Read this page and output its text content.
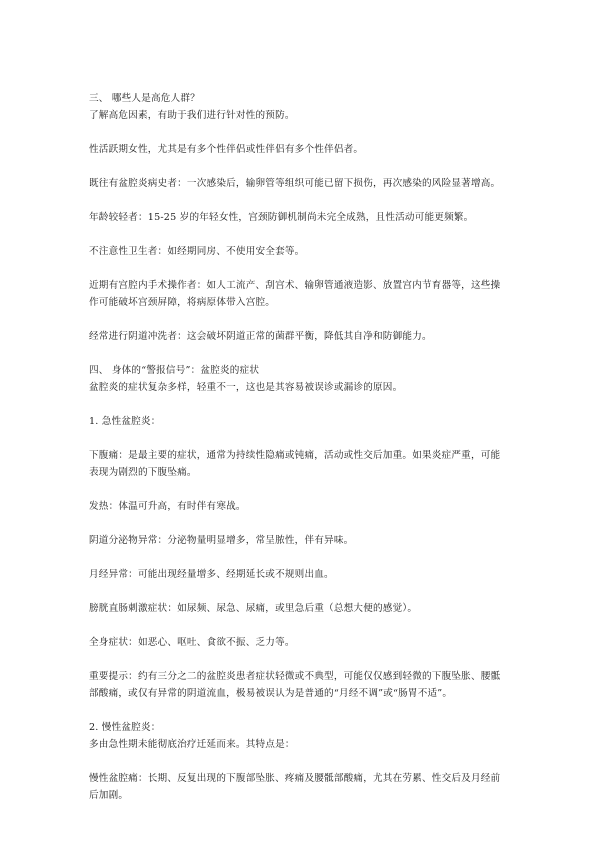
三、 哪些人是高危人群？

了解高危因素，有助于我们进行针对性的预防。

性活跃期女性，尤其是有多个性伴侣或性伴侣有多个性伴侣者。

既往有盆腔炎病史者：一次感染后，输卵管等组织可能已留下损伤，再次感染的风险显著增高。

年龄较轻者：15-25 岁的年轻女性，宫颈防御机制尚未完全成熟，且性活动可能更频繁。

不注意性卫生者：如经期同房、不使用安全套等。

近期有宫腔内手术操作者：如人工流产、刮宫术、输卵管通液造影、放置宫内节育器等，这些操作可能破坏宫颈屏障，将病原体带入宫腔。

经常进行阴道冲洗者：这会破坏阴道正常的菌群平衡，降低其自净和防御能力。

四、 身体的“警报信号”：盆腔炎的症状

盆腔炎的症状复杂多样，轻重不一，这也是其容易被误诊或漏诊的原因。

1. 急性盆腔炎：

下腹痛：是最主要的症状，通常为持续性隐痛或钝痛，活动或性交后加重。如果炎症严重，可能表现为剧烈的下腹坠痛。

发热：体温可升高，有时伴有寒战。

阴道分泌物异常：分泌物量明显增多，常呈脓性，伴有异味。

月经异常：可能出现经量增多、经期延长或不规则出血。

膀胱直肠刺激症状：如尿频、尿急、尿痛，或里急后重（总想大便的感觉）。

全身症状：如恶心、呕吐、食欲不振、乏力等。

重要提示：约有三分之二的盆腔炎患者症状轻微或不典型，可能仅仅感到轻微的下腹坠胀、腰骶部酸痛，或仅有异常的阴道流血，极易被误认为是普通的“月经不调”或“肠胃不适”。

2. 慢性盆腔炎：

多由急性期未能彻底治疗迁延而来。其特点是：

慢性盆腔痛：长期、反复出现的下腹部坠胀、疼痛及腰骶部酸痛，尤其在劳累、性交后及月经前后加剧。
